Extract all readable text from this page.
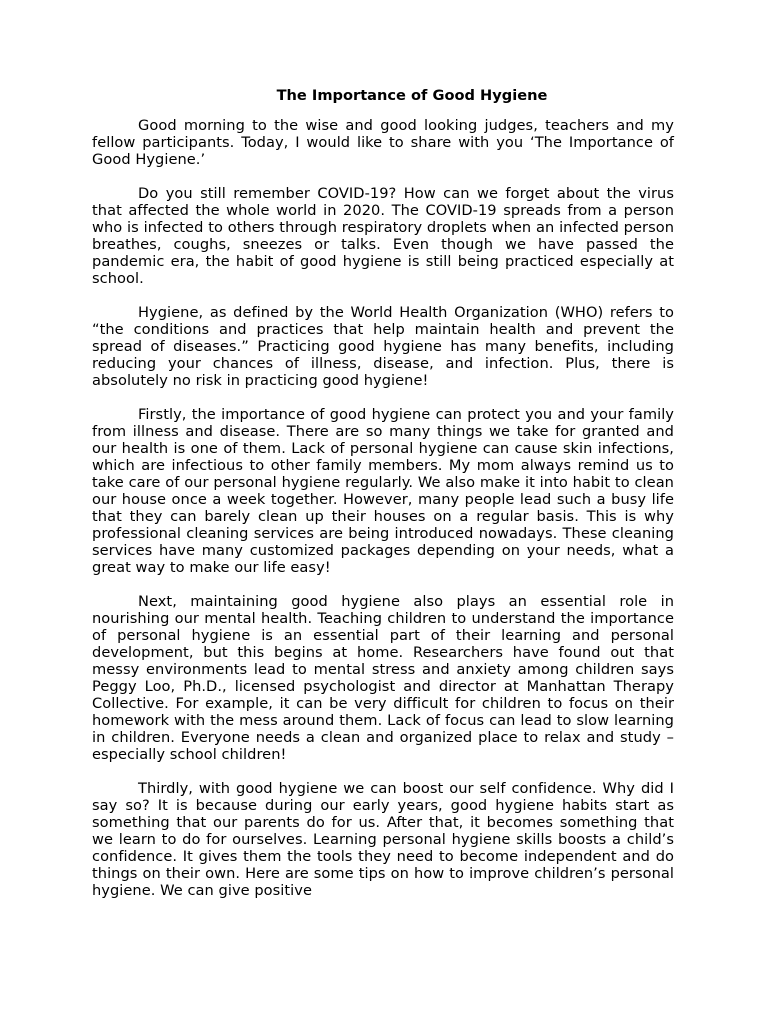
The Importance of Good Hygiene

Good morning to the wise and good looking judges, teachers and my fellow participants. Today, I would like to share with you ‘The Importance of Good Hygiene.’

Do you still remember COVID-19? How can we forget about the virus that affected the whole world in 2020. The COVID-19 spreads from a person who is infected to others through respiratory droplets when an infected person breathes, coughs, sneezes or talks. Even though we have passed the pandemic era, the habit of good hygiene is still being practiced especially at school.

Hygiene, as defined by the World Health Organization (WHO) refers to “the conditions and practices that help maintain health and prevent the spread of diseases.” Practicing good hygiene has many benefits, including reducing your chances of illness, disease, and infection. Plus, there is absolutely no risk in practicing good hygiene!

Firstly, the importance of good hygiene can protect you and your family from illness and disease. There are so many things we take for granted and our health is one of them. Lack of personal hygiene can cause skin infections, which are infectious to other family members. My mom always remind us to take care of our personal hygiene regularly. We also make it into habit to clean our house once a week together. However, many people lead such a busy life that they can barely clean up their houses on a regular basis. This is why professional cleaning services are being introduced nowadays. These cleaning services have many customized packages depending on your needs, what a great way to make our life easy!

Next, maintaining good hygiene also plays an essential role in nourishing our mental health. Teaching children to understand the importance of personal hygiene is an essential part of their learning and personal development, but this begins at home. Researchers have found out that messy environments lead to mental stress and anxiety among children says Peggy Loo, Ph.D., licensed psychologist and director at Manhattan Therapy Collective. For example, it can be very difficult for children to focus on their homework with the mess around them. Lack of focus can lead to slow learning in children. Everyone needs a clean and organized place to relax and study – especially school children!

Thirdly, with good hygiene we can boost our self confidence. Why did I say so? It is because during our early years, good hygiene habits start as something that our parents do for us. After that, it becomes something that we learn to do for ourselves. Learning personal hygiene skills boosts a child’s confidence. It gives them the tools they need to become independent and do things on their own. Here are some tips on how to improve children’s personal hygiene. We can give positive
